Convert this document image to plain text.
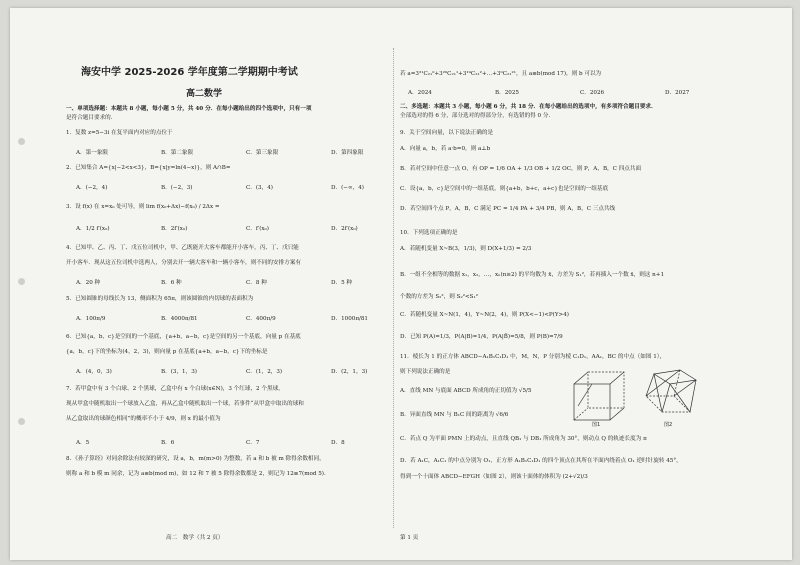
海安中学 2025-2026 学年度第二学期期中考试
高二数学
一、单项选择题：本题共 8 小题，每小题 5 分，共 40 分．在每小题给出的四个选项中，只有一项
是符合题目要求的．
1．复数 z=5−3i 在复平面内对应的点位于
A．第一象限	B．第二象限	C．第三象限	D．第四象限
2．已知集合 A={x|−2<x<3}，B={x|y=ln(4−x)}，则 A∩B=
A．(−2，4)	B．(−2，3)	C．(3，4)	D．(−∞，4)
3．设 f(x) 在 x=x₀ 处可导，则 lim f(x₀+Δx)−f(x₀) / 2Δx =
A．1/2 f′(x₀)	B．2f′(x₀)	C．f′(x₀)	D．2f′(x₀)
4．已知甲、乙、丙、丁、戊五位司机中，甲、乙既能开大客车都能开小客车，丙、丁、戊只能
开小客车．现从这五位司机中选两人，分别去开一辆大客车和一辆小客车，则不同的安排方案有
A．20 种	B．6 种	C．8 种	D．5 种
5．已知圆锥的母线长为 13，侧面积为 65π，则该圆锥的内切球的表面积为
A．100π/9	B．4000π/81	C．400π/9	D．1000π/81
6．已知{a，b，c}是空间的一个基底，{a+b，a−b，c}是空间的另一个基底，向量 p 在基底
{a，b，c}下的坐标为(4，2，3)，则向量 p 在基底{a+b，a−b，c}下的坐标是
A．(4，0，3)	B．(3，1，3)	C．(1，2，3)	D．(2，1，3)
7．若甲盒中有 3 个白球、2 个黑球，乙盒中有 x 个白球(x∈N)，3 个红球，2 个黑球，
现从甲盒中随机取出一个球放入乙盒，再从乙盒中随机取出一个球，若事件“从甲盒中取出的球和
从乙盒取出的球颜色相同”的概率不小于 4/9，则 x 的最小值为
A．5	B．6	C．7	D．8
8．《孙子算经》对同余除法有较深的研究，设 a，b，m(m>0) 为整数，若 a 和 b 被 m 除得余数相同，
则称 a 和 b 模 m 同余，记为 a≡b(mod m)，如 12 和 7 被 5 除得余数都是 2，则记为 12≡7(mod 5)．
高二　数学（共 2 页）
若 a=3²¹C₂₁⁰+3²⁰C₂₁¹+3¹⁹C₂₁²+…+3⁰C₂₁²¹，且 a≡b(mod 17)，则 b 可以为
A．2024	B．2025	C．2026	D．2027
二、多选题：本题共 3 小题，每小题 6 分，共 18 分．在每小题给出的选项中，有多项符合题目要求．
全部选对的得 6 分，部分选对的得部分分，有选错的得 0 分．
9．关于空间向量，以下说法正确的是
A．向量 a，b，若 a·b=0，则 a⊥b
B．若对空间中任意一点 O，有 OP = 1/6 OA + 1/3 OB + 1/2 OC，则 P，A，B，C 四点共面
C．设{a，b，c}是空间中的一组基底，则{a+b，b+c，a+c}也是空间的一组基底
D．若空间四个点 P，A，B，C 满足 PC = 1/4 PA + 3/4 PB，则 A，B，C 三点共线
10．下列选项正确的是
A．若随机变量 X~B(3，1/3)，则 D(X+1/3) = 2/3
B．一组不全相等的数据 x₁，x₂，…，xₙ(n≥2) 的平均数为 x̄，方差为 S₁²，若再插入一个数 x̄，则这 n+1
个数的方差为 S₂²，则 S₂²<S₁²
C．若随机变量 X~N(1，4)，Y~N(2，4)，则 P(X<−1)<P(Y>4)
D．已知 P(A)=1/3，P(A|B)=1/4，P(A|B̄)=5/8，则 P(B)=7/9
11．棱长为 1 的正方体 ABCD−A₁B₁C₁D₁ 中，M，N，P 分别为棱 C₁D₁，AA₁，BC 的中点（如图 1），
则下列说法正确的是
A．直线 MN 与底面 ABCD 所成角的正切值为 √5/5
B．异面直线 MN 与 B₁C 间的距离为 √6/6
C．若点 Q 为平面 PMN 上的动点，且直线 QB₁ 与 DB₁ 所成角为 30°，则动点 Q 的轨迹长度为 π
D．若 A₁C，A₁C₁ 的中点分别为 O₁，正方形 A₁B₁C₁D₁ 的四个顶点在其所在平面内绕着点 O₁ 逆时针旋转 45°，
得到一个十面体 ABCD−EFGH（如图 2），则该十面体的体积为 (2+√2)/3
图1	图2
第 1 页
